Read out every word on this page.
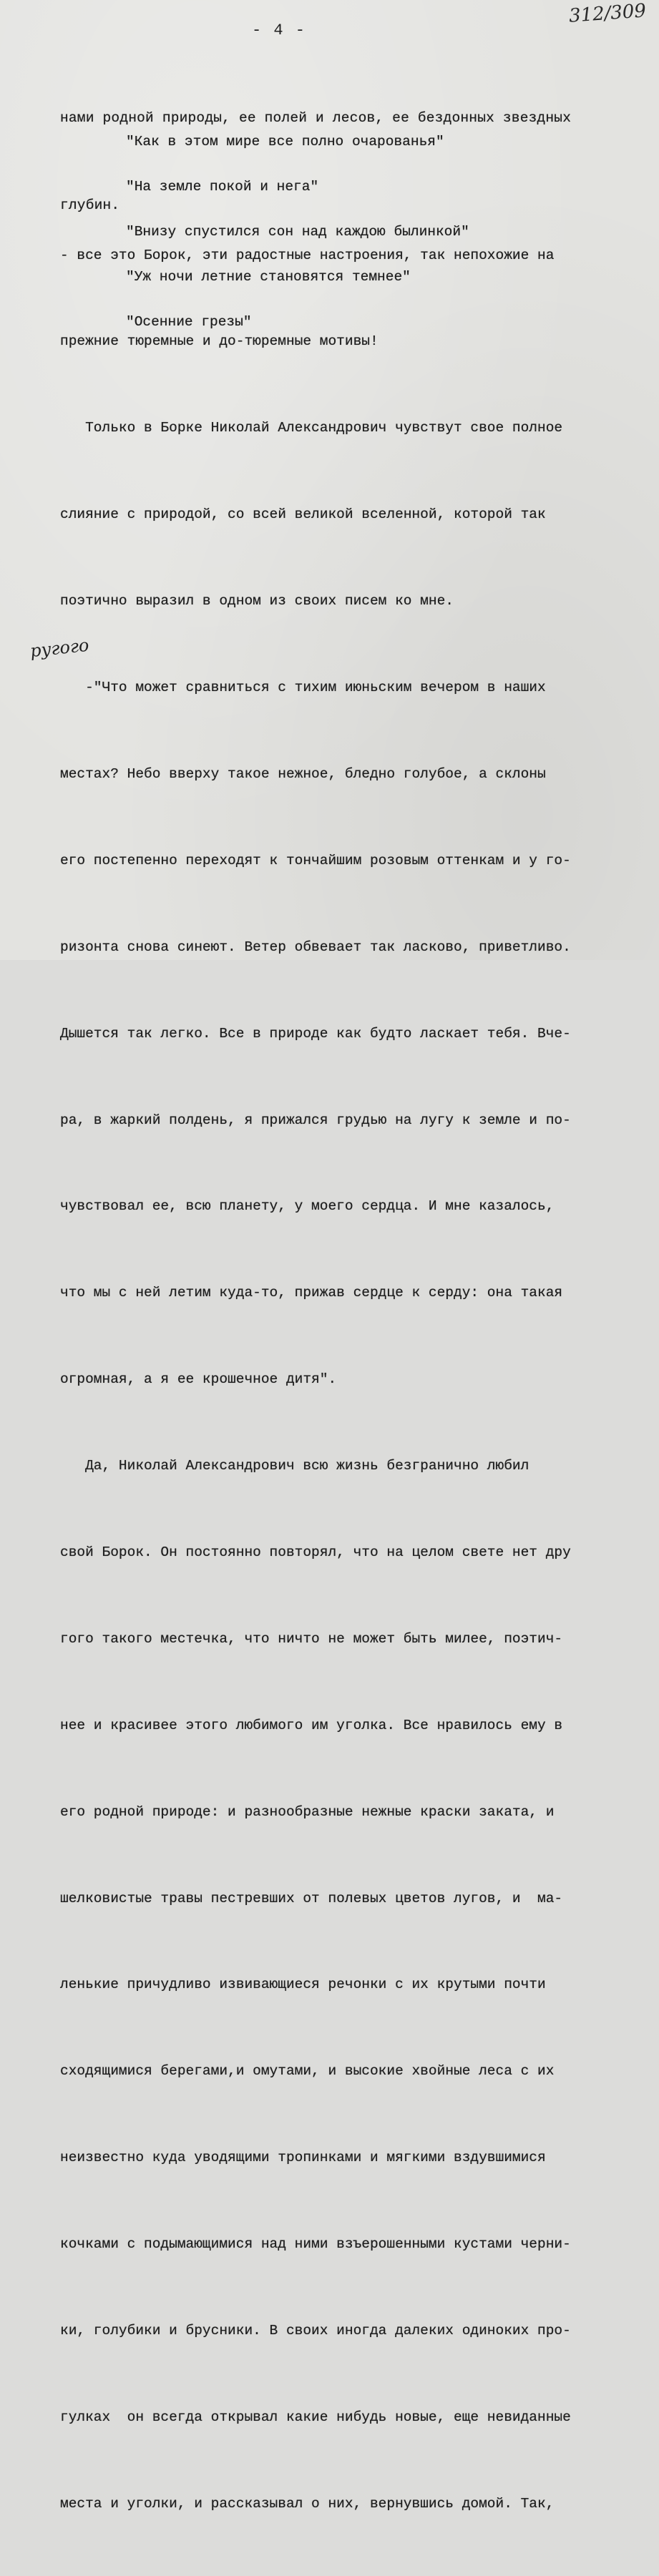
- 4 -
312/309

нами родной природы, ее полей и лесов, ее бездонных звездных

глубин.

"Как в этом мире все полно очарованья"

"На земле покой и нега"

"Внизу спустился сон над каждою былинкой"

"Уж ночи летние становятся темнее"

"Осенние грезы"

- все это Борок, эти радостные настроения, так непохожие на

прежние тюремные и до-тюремные мотивы!

Только в Борке Николай Александрович чувствут свое полное

слияние с природой, со всей великой вселенной, которой так

поэтично выразил в одном из своих писем ко мне.

-"Что может сравниться с тихим июньским вечером в наших

местах? Небо вверху такое нежное, бледно голубое, а склоны

его постепенно переходят к тончайшим розовым оттенкам и у го-

ризонта снова синеют. Ветер обвевает так ласково, приветливо.

Дышется так легко. Все в природе как будто ласкает тебя. Вче-

ра, в жаркий полдень, я прижался грудью на лугу к земле и по-

чувствовал ее, всю планету, у моего сердца. И мне казалось,

что мы с ней летим куда-то, прижав сердце к серду: она такая

огромная, а я ее крошечное дитя".

Да, Николай Александрович всю жизнь безгранично любил

свой Борок. Он постоянно повторял, что на целом свете нет дру

гого такого местечка, что ничто не может быть милее, поэтич-

нее и красивее этого любимого им уголка. Все нравилось ему в

его родной природе: и разнообразные нежные краски заката, и

шелковистые травы пестревших от полевых цветов лугов, и  ма-

ленькие причудливо извивающиеся речонки с их крутыми почти

сходящимися берегами,и омутами, и высокие хвойные леса с их

неизвестно куда уводящими тропинками и мягкими вздувшимися

кочками с подымающимися над ними взъерошенными кустами черни-

ки, голубики и брусники. В своих иногда далеких одиноких про-

гулках  он всегда открывал какие нибудь новые, еще невиданные

места и уголки, и рассказывал о них, вернувшись домой. Так,

ругого
